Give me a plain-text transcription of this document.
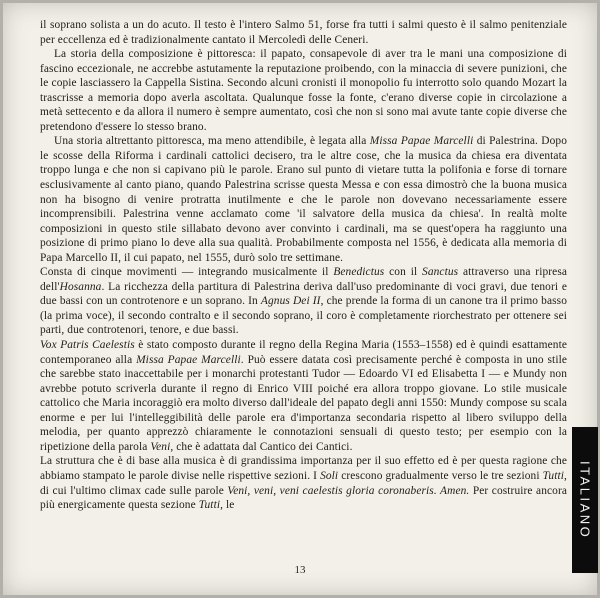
il soprano solista a un do acuto. Il testo è l'intero Salmo 51, forse fra tutti i salmi questo è il salmo penitenziale per eccellenza ed è tradizionalmente cantato il Mercoledì delle Ceneri.

La storia della composizione è pittoresca: il papato, consapevole di aver tra le mani una composizione di fascino eccezionale, ne accrebbe astutamente la reputazione proibendo, con la minaccia di severe punizioni, che le copie lasciassero la Cappella Sistina. Secondo alcuni cronisti il monopolio fu interrotto solo quando Mozart la trascrisse a memoria dopo averla ascoltata. Qualunque fosse la fonte, c'erano diverse copie in circolazione a metà settecento e da allora il numero è sempre aumentato, così che non si sono mai avute tante copie diverse che pretendono d'essere lo stesso brano.

Una storia altrettanto pittoresca, ma meno attendibile, è legata alla Missa Papae Marcelli di Palestrina. Dopo le scosse della Riforma i cardinali cattolici decisero, tra le altre cose, che la musica da chiesa era diventata troppo lunga e che non si capivano più le parole. Erano sul punto di vietare tutta la polifonia e forse di tornare esclusivamente al canto piano, quando Palestrina scrisse questa Messa e con essa dimostrò che la buona musica non ha bisogno di venire protratta inutilmente e che le parole non dovevano necessariamente essere incomprensibili. Palestrina venne acclamato come 'il salvatore della musica da chiesa'. In realtà molte composizioni in questo stile sillabato devono aver convinto i cardinali, ma se quest'opera ha raggiunto una posizione di primo piano lo deve alla sua qualità. Probabilmente composta nel 1556, è dedicata alla memoria di Papa Marcello II, il cui papato, nel 1555, durò solo tre settimane.

Consta di cinque movimenti — integrando musicalmente il Benedictus con il Sanctus attraverso una ripresa dell'Hosanna. La ricchezza della partitura di Palestrina deriva dall'uso predominante di voci gravi, due tenori e due bassi con un controtenore e un soprano. In Agnus Dei II, che prende la forma di un canone tra il primo basso (la prima voce), il secondo contralto e il secondo soprano, il coro è completamente riorchestrato per ottenere sei parti, due controtenori, tenore, e due bassi.

Vox Patris Caelestis è stato composto durante il regno della Regina Maria (1553–1558) ed è quindi esattamente contemporaneo alla Missa Papae Marcelli. Può essere datata così precisamente perché è composta in uno stile che sarebbe stato inaccettabile per i monarchi protestanti Tudor — Edoardo VI ed Elisabetta I — e Mundy non avrebbe potuto scriverla durante il regno di Enrico VIII poiché era allora troppo giovane. Lo stile musicale cattolico che Maria incoraggiò era molto diverso dall'ideale del papato degli anni 1550: Mundy compose su scala enorme e per lui l'intelleggibilità delle parole era d'importanza secondaria rispetto al libero sviluppo della melodia, per quanto apprezzò chiaramente le connotazioni sensuali di questo testo; per esempio con la ripetizione della parola Veni, che è adattata dal Cantico dei Cantici.

La struttura che è di base alla musica è di grandissima importanza per il suo effetto ed è per questa ragione che abbiamo stampato le parole divise nelle rispettive sezioni. I Soli crescono gradualmente verso le tre sezioni Tutti, di cui l'ultimo climax cade sulle parole Veni, veni, veni caelestis gloria coronaberis. Amen. Per costruire ancora più energicamente questa sezione Tutti, le

13
ITALIANO
